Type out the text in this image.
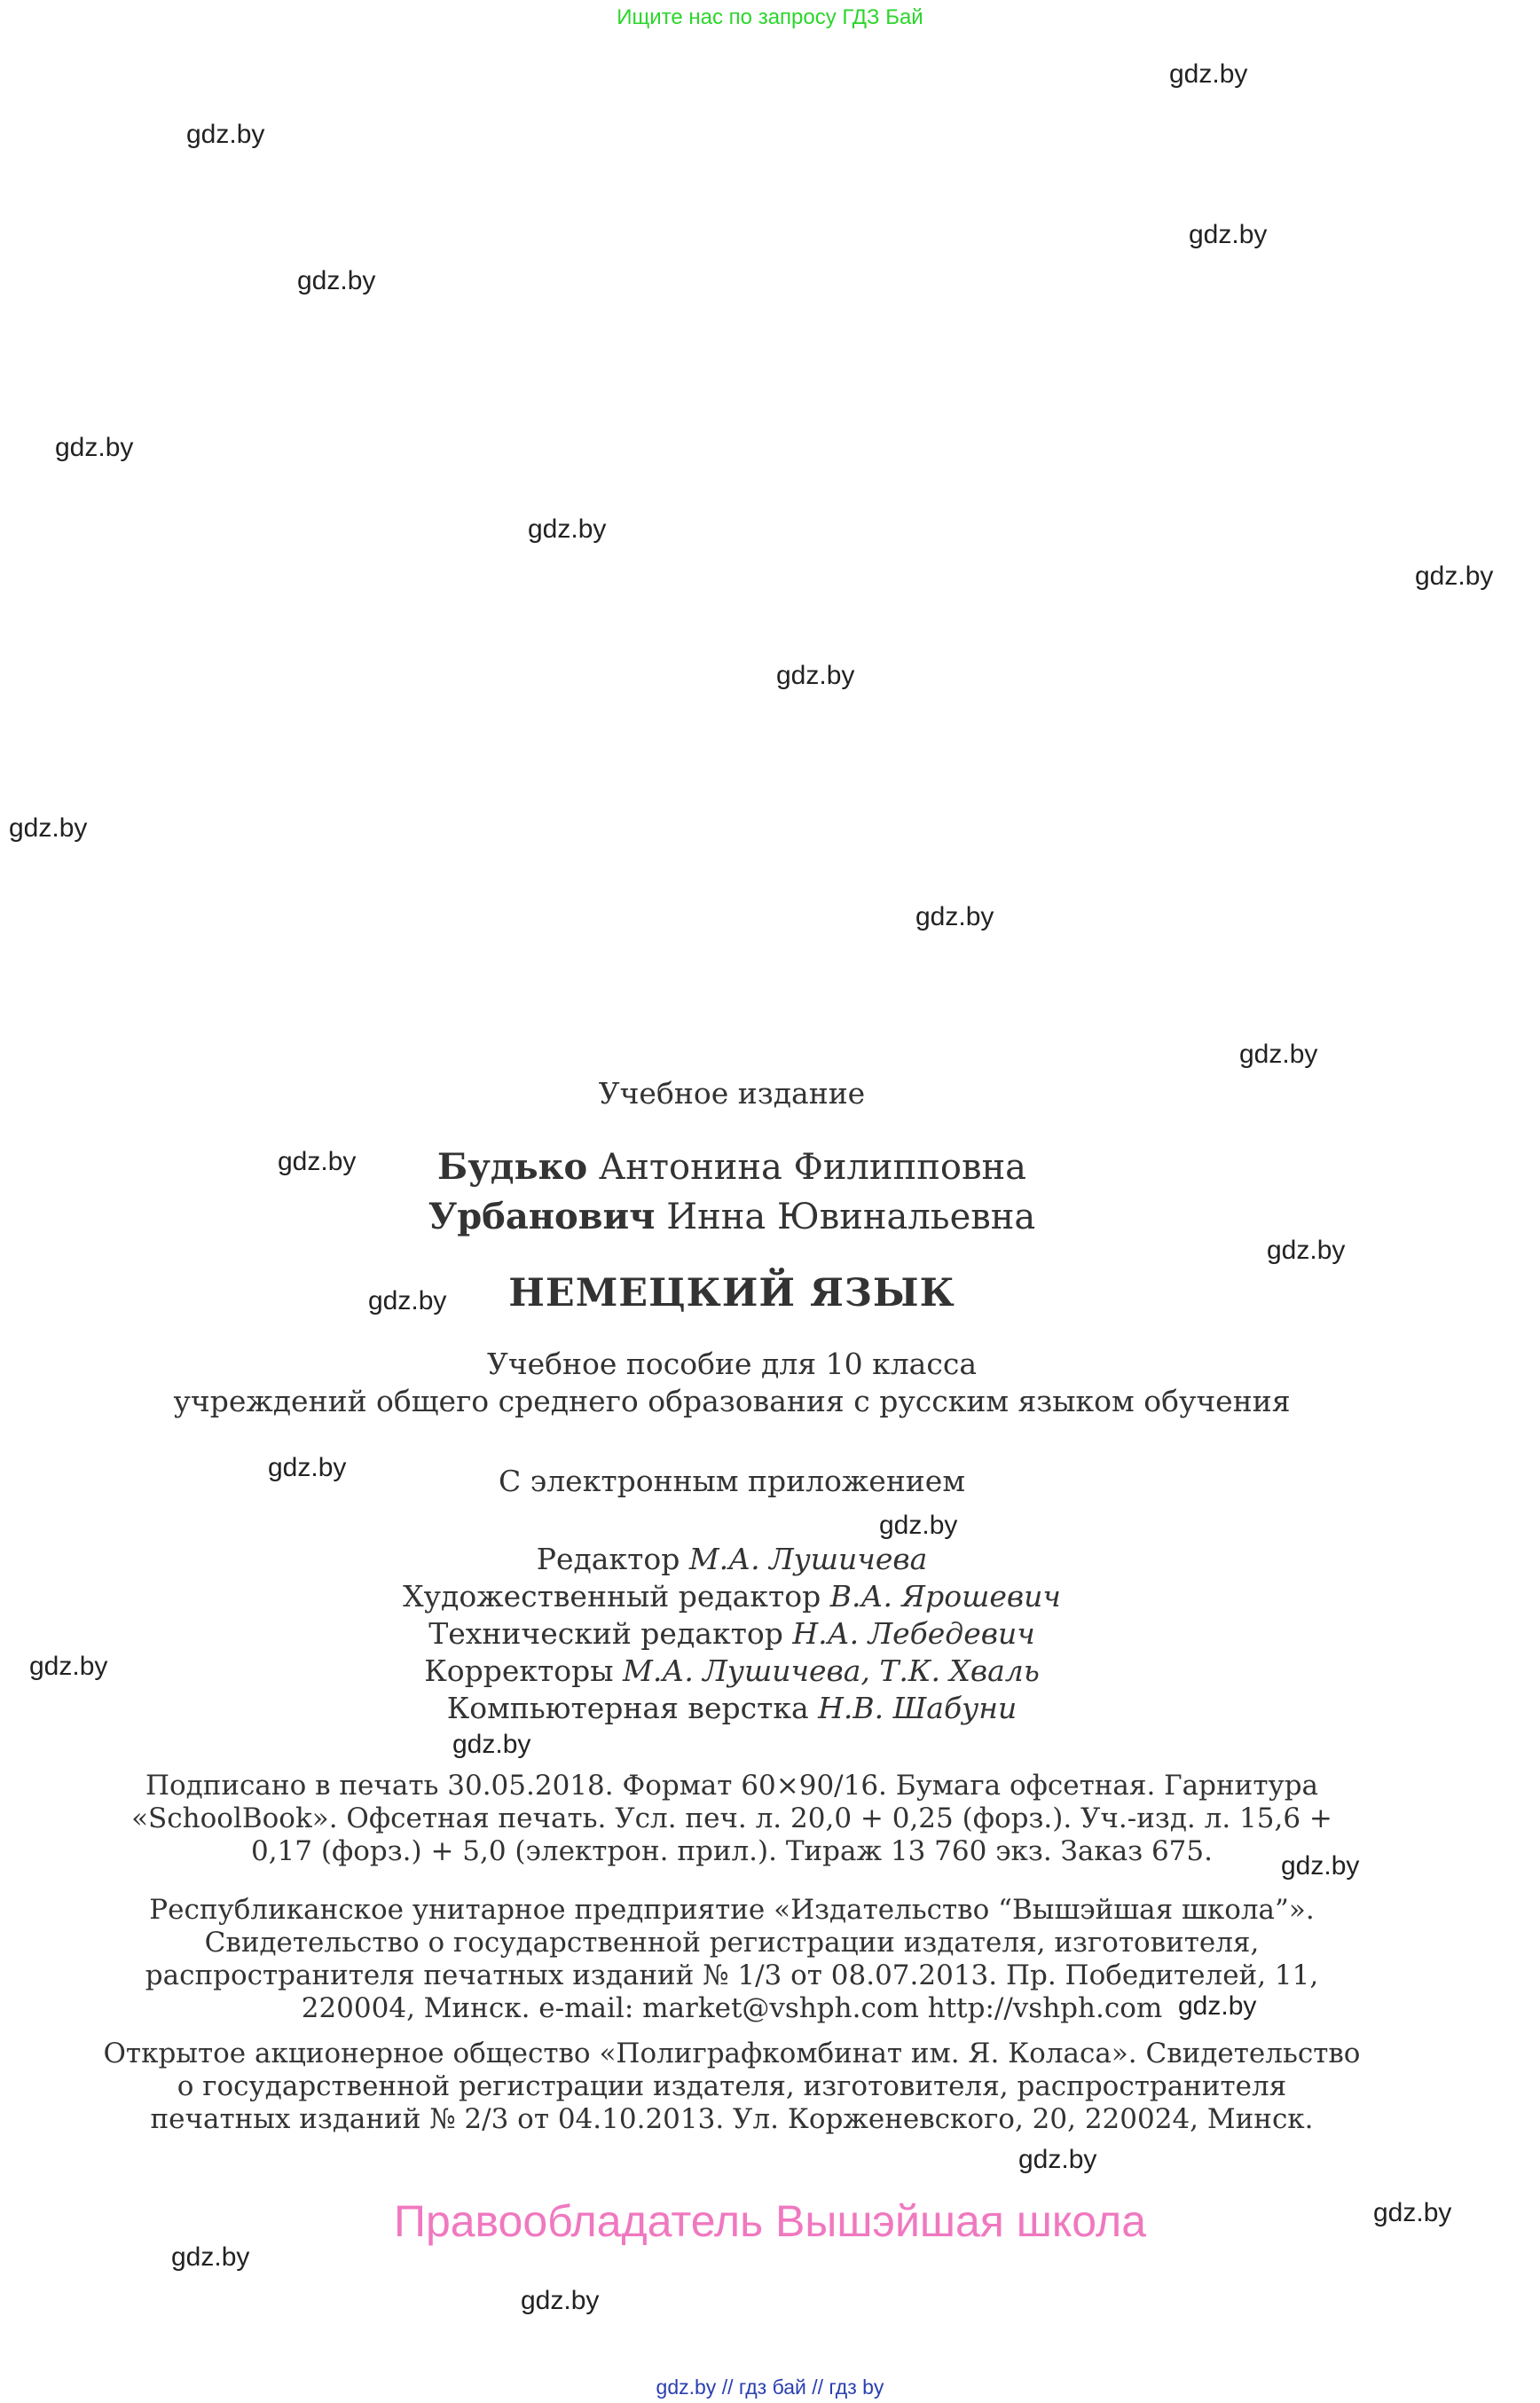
Ищите нас по запросу ГДЗ Бай
gdz.by
gdz.by
gdz.by
gdz.by
gdz.by
gdz.by
gdz.by
gdz.by
gdz.by
gdz.by
gdz.by
gdz.by
gdz.by
gdz.by
gdz.by
gdz.by
gdz.by
gdz.by
gdz.by
gdz.by
gdz.by
gdz.by
gdz.by
gdz.by
Учебное издание
Будько Антонина Филипповна
Урбанович Инна Ювинальевна
НЕМЕЦКИЙ ЯЗЫК
Учебное пособие для 10 класса
учреждений общего среднего образования с русским языком обучения
С электронным приложением
Редактор М.А. Лушичева
Художественный редактор В.А. Ярошевич
Технический редактор Н.А. Лебедевич
Корректоры М.А. Лушичева, Т.К. Хваль
Компьютерная верстка Н.В. Шабуни
Подписано в печать 30.05.2018. Формат 60×90/16. Бумага офсетная. Гарнитура
«SchoolBook». Офсетная печать. Усл. печ. л. 20,0 + 0,25 (форз.). Уч.-изд. л. 15,6 +
0,17 (форз.) + 5,0 (электрон. прил.). Тираж 13 760 экз. Заказ 675.
Республиканское унитарное предприятие «Издательство “Вышэйшая школа”».
Свидетельство о государственной регистрации издателя, изготовителя,
распространителя печатных изданий № 1/3 от 08.07.2013. Пр. Победителей, 11,
220004, Минск. e-mail: market@vshph.com http://vshph.com
Открытое акционерное общество «Полиграфкомбинат им. Я. Коласа». Свидетельство
о государственной регистрации издателя, изготовителя, распространителя
печатных изданий № 2/3 от 04.10.2013. Ул. Корженевского, 20, 220024, Минск.
Правообладатель Вышэйшая школа
gdz.by // гдз бай // гдз by
